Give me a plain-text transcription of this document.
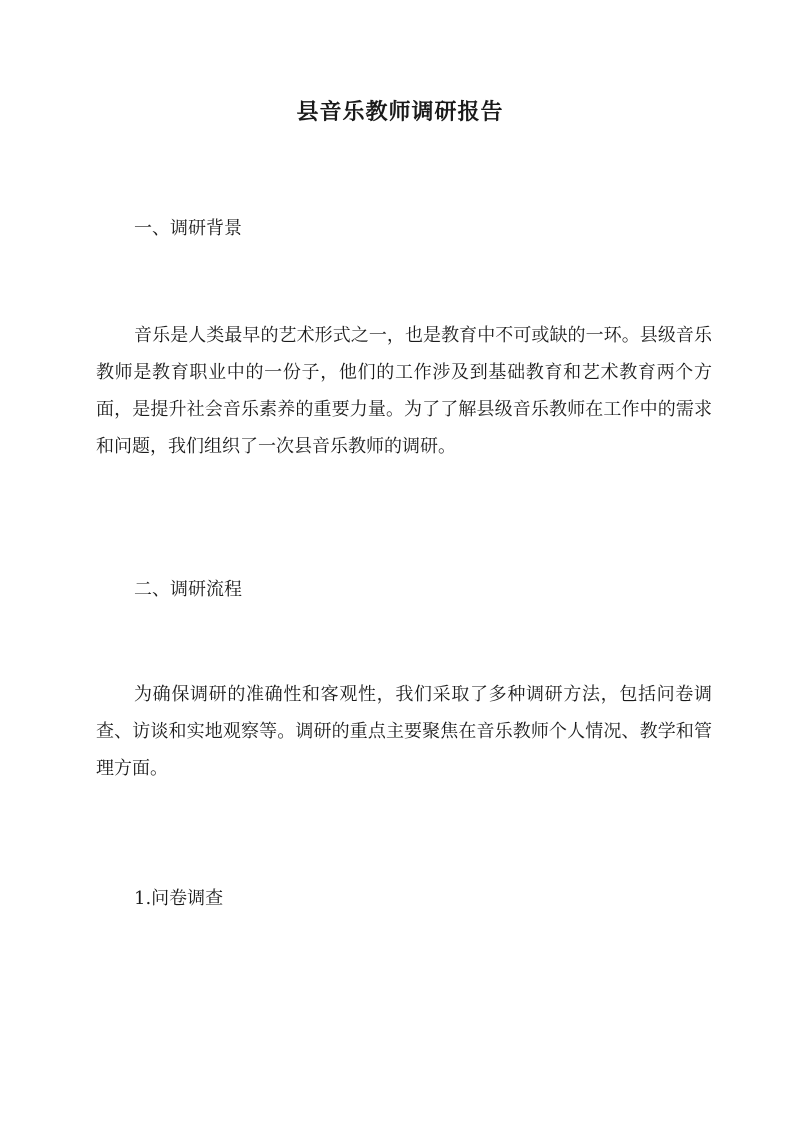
县音乐教师调研报告
一、调研背景

音乐是人类最早的艺术形式之一，也是教育中不可或缺的一环。县级音乐教师是教育职业中的一份子，他们的工作涉及到基础教育和艺术教育两个方面，是提升社会音乐素养的重要力量。为了了解县级音乐教师在工作中的需求和问题，我们组织了一次县音乐教师的调研。

二、调研流程

为确保调研的准确性和客观性，我们采取了多种调研方法，包括问卷调查、访谈和实地观察等。调研的重点主要聚焦在音乐教师个人情况、教学和管理方面。

1.问卷调查
